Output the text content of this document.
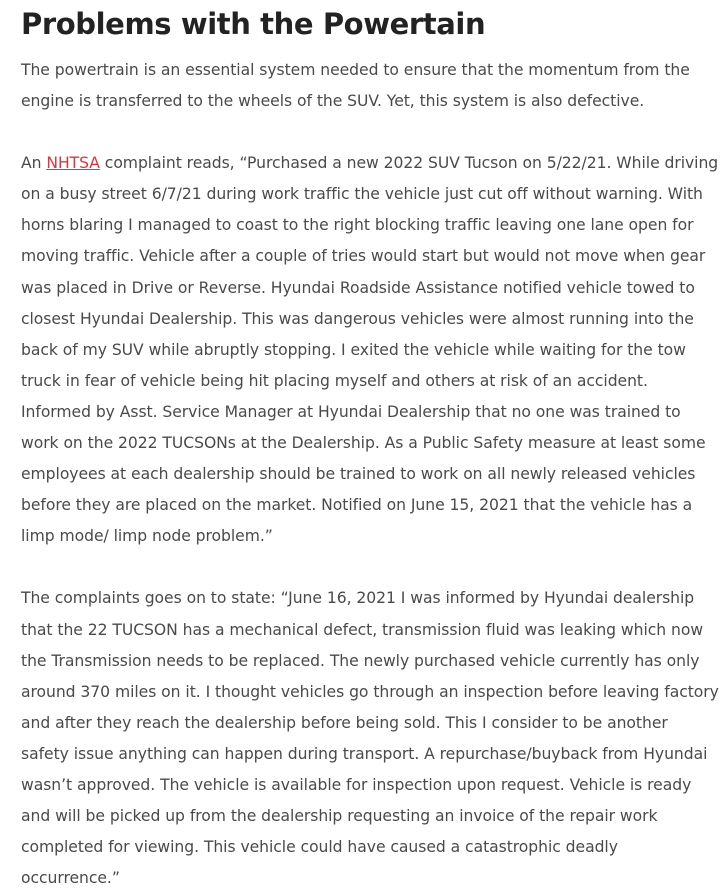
Problems with the Powertain

The powertrain is an essential system needed to ensure that the momentum from the engine is transferred to the wheels of the SUV. Yet, this system is also defective.

An NHTSA complaint reads, “Purchased a new 2022 SUV Tucson on 5/22/21. While driving on a busy street 6/7/21 during work traffic the vehicle just cut off without warning. With horns blaring I managed to coast to the right blocking traffic leaving one lane open for moving traffic. Vehicle after a couple of tries would start but would not move when gear was placed in Drive or Reverse. Hyundai Roadside Assistance notified vehicle towed to closest Hyundai Dealership. This was dangerous vehicles were almost running into the back of my SUV while abruptly stopping. I exited the vehicle while waiting for the tow truck in fear of vehicle being hit placing myself and others at risk of an accident. Informed by Asst. Service Manager at Hyundai Dealership that no one was trained to work on the 2022 TUCSONs at the Dealership. As a Public Safety measure at least some employees at each dealership should be trained to work on all newly released vehicles before they are placed on the market. Notified on June 15, 2021 that the vehicle has a limp mode/ limp node problem.”

The complaints goes on to state: “June 16, 2021 I was informed by Hyundai dealership that the 22 TUCSON has a mechanical defect, transmission fluid was leaking which now the Transmission needs to be replaced. The newly purchased vehicle currently has only around 370 miles on it. I thought vehicles go through an inspection before leaving factory and after they reach the dealership before being sold. This I consider to be another safety issue anything can happen during transport. A repurchase/buyback from Hyundai wasn’t approved. The vehicle is available for inspection upon request. Vehicle is ready and will be picked up from the dealership requesting an invoice of the repair work completed for viewing. This vehicle could have caused a catastrophic deadly occurrence.”
